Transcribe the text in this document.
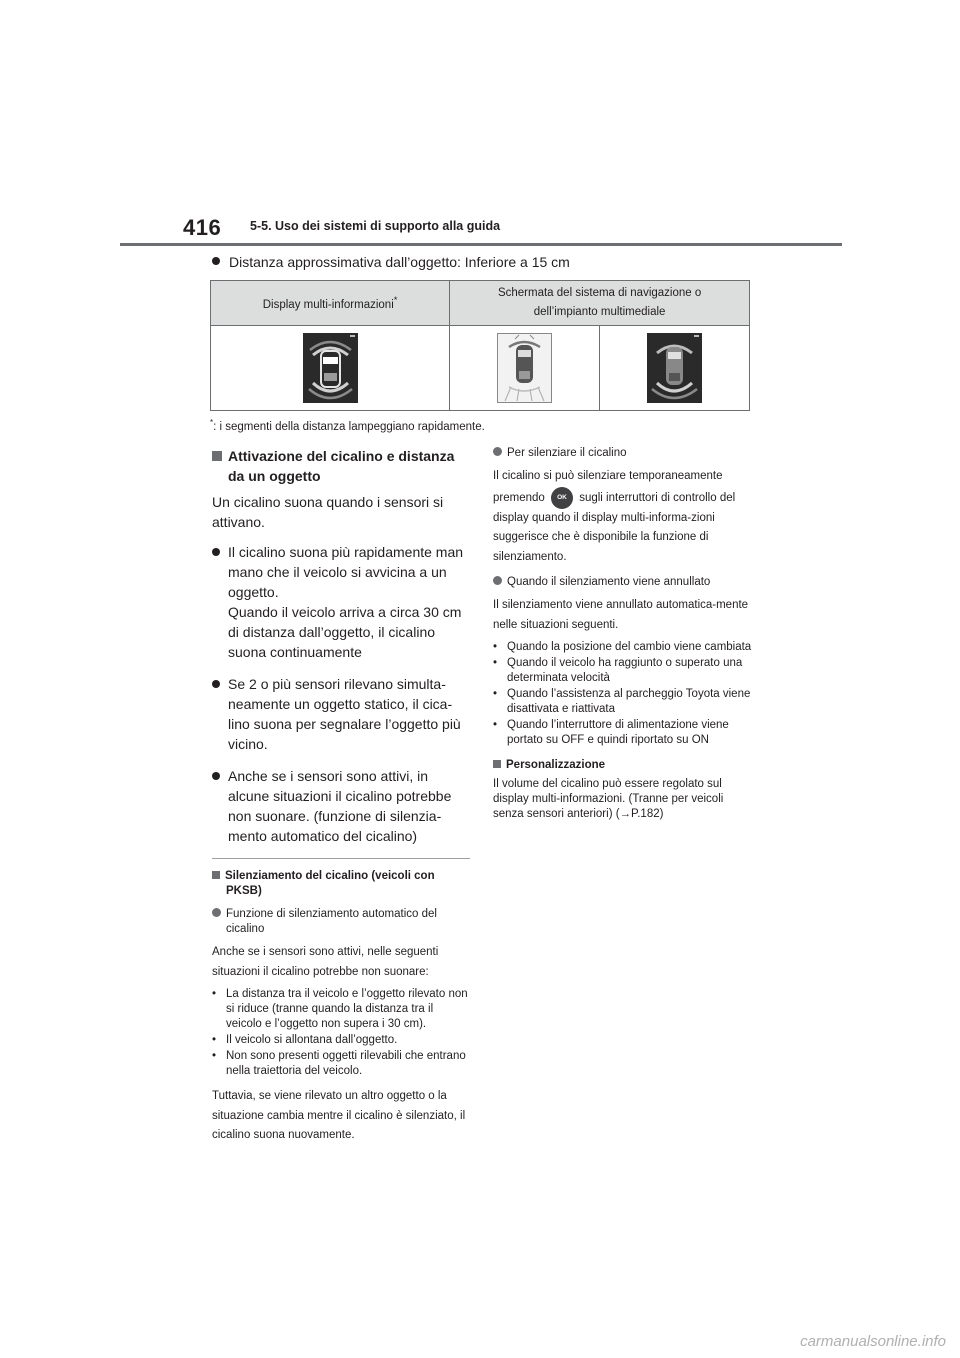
416 5-5. Uso dei sistemi di supporto alla guida
Distanza approssimativa dall’oggetto: Inferiore a 15 cm
Display multi-informazioni*	Schermata del sistema di navigazione o dell’impianto multimediale	

*: i segmenti della distanza lampeggiano rapidamente.
Attivazione del cicalino e distanza da un oggetto
Un cicalino suona quando i sensori si attivano.
Il cicalino suona più rapidamente man mano che il veicolo si avvicina a un oggetto.
Quando il veicolo arriva a circa 30 cm di distanza dall’oggetto, il cicalino suona continuamente
Se 2 o più sensori rilevano simulta-neamente un oggetto statico, il cica-lino suona per segnalare l’oggetto più vicino.
Anche se i sensori sono attivi, in alcune situazioni il cicalino potrebbe non suonare. (funzione di silenzia-mento automatico del cicalino)
Silenziamento del cicalino (veicoli con PKSB)
Funzione di silenziamento automatico del cicalino
Anche se i sensori sono attivi, nelle seguenti situazioni il cicalino potrebbe non suonare:
• La distanza tra il veicolo e l’oggetto rilevato non si riduce (tranne quando la distanza tra il veicolo e l’oggetto non supera i 30 cm).
• Il veicolo si allontana dall’oggetto.
• Non sono presenti oggetti rilevabili che entrano nella traiettoria del veicolo.
Tuttavia, se viene rilevato un altro oggetto o la situazione cambia mentre il cicalino è silenziato, il cicalino suona nuovamente.
Per silenziare il cicalino
Il cicalino si può silenziare temporaneamente premendo OK sugli interruttori di controllo del display quando il display multi-informa-zioni suggerisce che è disponibile la funzione di silenziamento.
Quando il silenziamento viene annullato
Il silenziamento viene annullato automatica-mente nelle situazioni seguenti.
• Quando la posizione del cambio viene cambiata
• Quando il veicolo ha raggiunto o superato una determinata velocità
• Quando l’assistenza al parcheggio Toyota viene disattivata e riattivata
• Quando l’interruttore di alimentazione viene portato su OFF e quindi riportato su ON
Personalizzazione
Il volume del cicalino può essere regolato sul display multi-informazioni. (Tranne per veicoli senza sensori anteriori) (→P.182)
carmanualsonline.info
